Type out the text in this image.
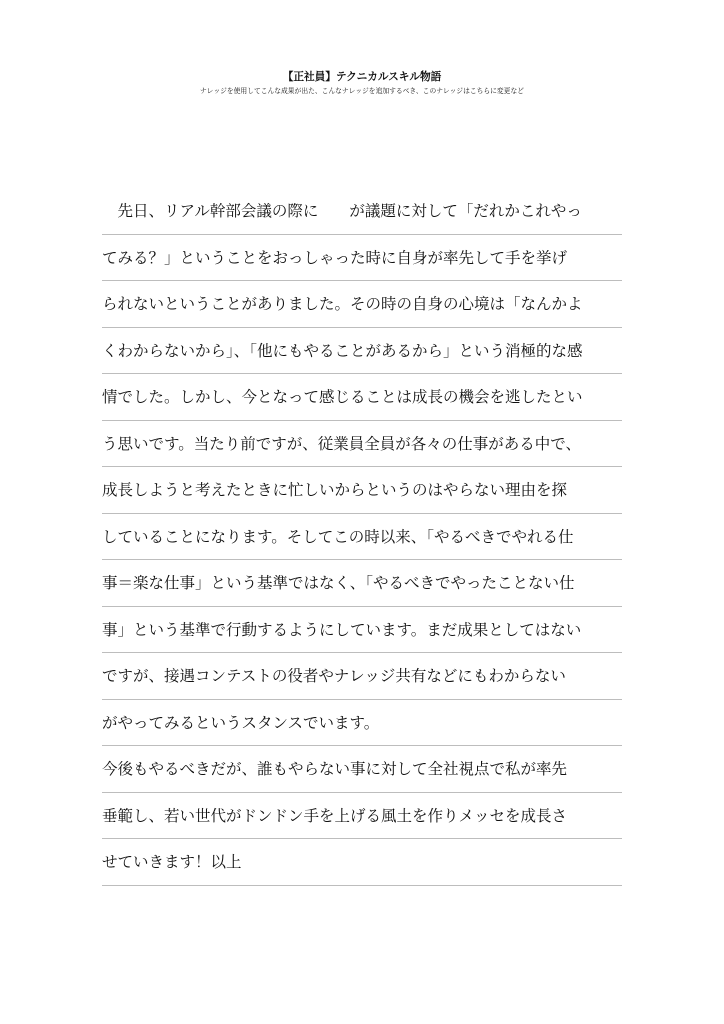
【正社員】テクニカルスキル物語
ナレッジを使用してこんな成果が出た、こんなナレッジを追加するべき、このナレッジはこちらに変更など
　先日、リアル幹部会議の際に　　が議題に対して「だれかこれやっ
てみる？」ということをおっしゃった時に自身が率先して手を挙げ
られないということがありました。その時の自身の心境は「なんかよ
くわからないから」、「他にもやることがあるから」という消極的な感
情でした。しかし、今となって感じることは成長の機会を逃したとい
う思いです。当たり前ですが、従業員全員が各々の仕事がある中で、
成長しようと考えたときに忙しいからというのはやらない理由を探
していることになります。そしてこの時以来、「やるべきでやれる仕
事＝楽な仕事」という基準ではなく、「やるべきでやったことない仕
事」という基準で行動するようにしています。まだ成果としてはない
ですが、接遇コンテストの役者やナレッジ共有などにもわからない
がやってみるというスタンスでいます。
今後もやるべきだが、誰もやらない事に対して全社視点で私が率先
垂範し、若い世代がドンドン手を上げる風土を作りメッセを成長さ
せていきます！以上
